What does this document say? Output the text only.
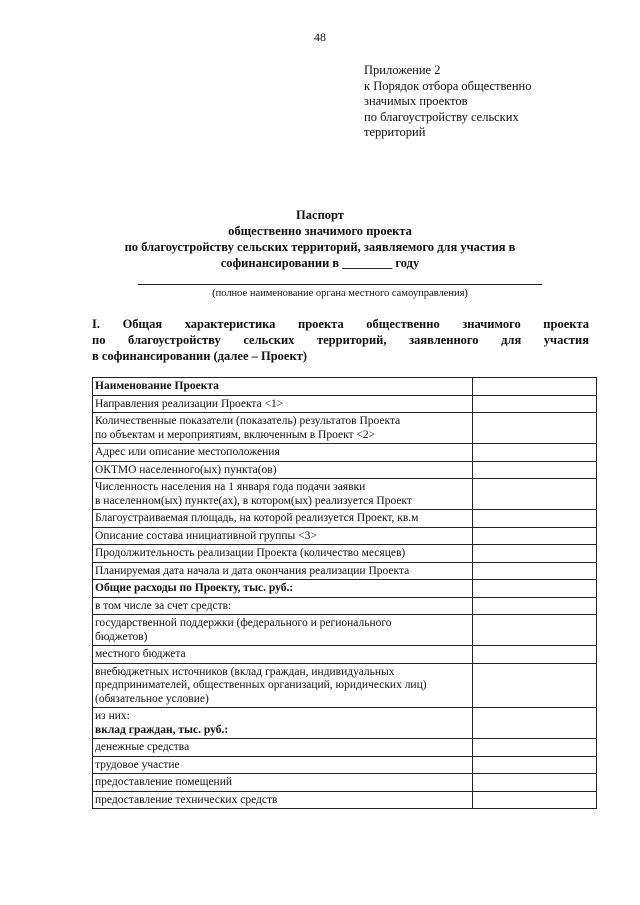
48
Приложение 2
к Порядок отбора общественно
значимых проектов
по благоустройству сельских
территорий
Паспорт
общественно значимого проекта
по благоустройству сельских территорий, заявляемого для участия в
софинансировании в ________ году
(полное наименование органа местного самоуправления)
I. Общая характеристика проекта общественно значимого проекта
по благоустройству сельских территорий, заявленного для участия
в софинансировании (далее – Проект)
Наименование Проекта	

Направления реализации Проекта <1>	

Количественные показатели (показатель) результатов Проекта
по объектам и мероприятиям, включенным в Проект <2>	

Адрес или описание местоположения	

ОКТМО населенного(ых) пункта(ов)	

Численность населения на 1 января года подачи заявки
в населенном(ых) пункте(ах), в котором(ых) реализуется Проект	

Благоустраиваемая площадь, на которой реализуется Проект, кв.м	

Описание состава инициативной группы <3>	

Продолжительность реализации Проекта (количество месяцев)	

Планируемая дата начала и дата окончания реализации Проекта	

Общие расходы по Проекту, тыс. руб.:	

в том числе за счет средств:	

государственной поддержки (федерального и регионального
бюджетов)	

местного бюджета	

внебюджетных источников (вклад граждан, индивидуальных
предпринимателей, общественных организаций, юридических лиц)
(обязательное условие)	

из них:
вклад граждан, тыс. руб.:	

денежные средства	

трудовое участие	

предоставление помещений	

предоставление технических средств	
